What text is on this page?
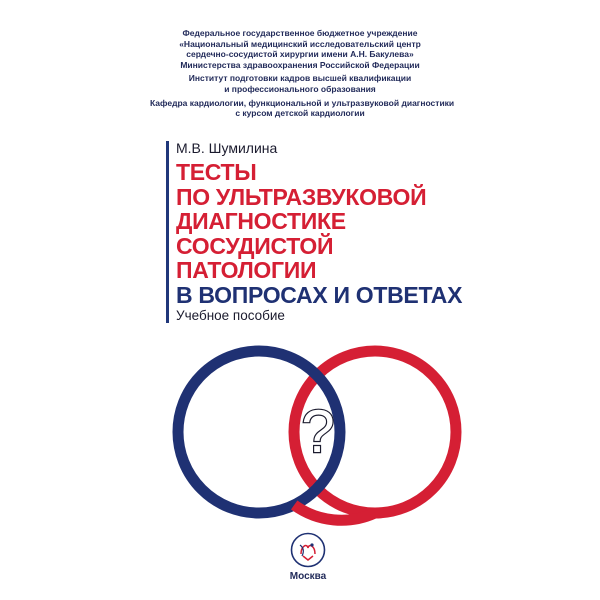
Федеральное государственное бюджетное учреждение
«Национальный медицинский исследовательский центр
сердечно-сосудистой хирургии имени А.Н. Бакулева»
Министерства здравоохранения Российской Федерации
Институт подготовки кадров высшей квалификации
и профессионального образования
Кафедра кардиологии, функциональной и ультразвуковой диагностики
с курсом детской кардиологии
М.В. Шумилина
ТЕСТЫ
ПО УЛЬТРАЗВУКОВОЙ
ДИАГНОСТИКЕ
СОСУДИСТОЙ
ПАТОЛОГИИ
В ВОПРОСАХ И ОТВЕТАХ
Учебное пособие
?
Москва
